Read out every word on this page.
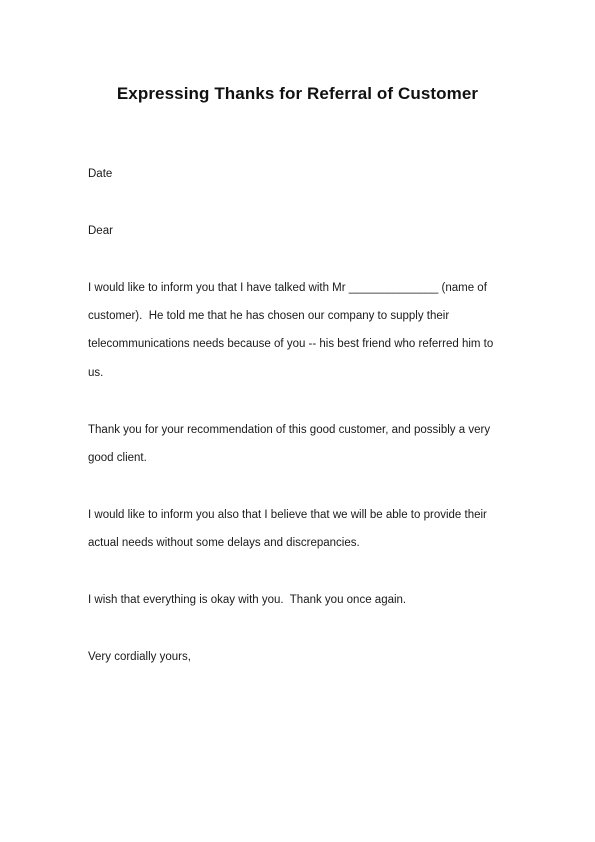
Expressing Thanks for Referral of Customer
Date
Dear
I would like to inform you that I have talked with Mr ______________ (name of
customer).  He told me that he has chosen our company to supply their
telecommunications needs because of you -- his best friend who referred him to
us.
Thank you for your recommendation of this good customer, and possibly a very
good client.
I would like to inform you also that I believe that we will be able to provide their
actual needs without some delays and discrepancies.
I wish that everything is okay with you.  Thank you once again.
Very cordially yours,
